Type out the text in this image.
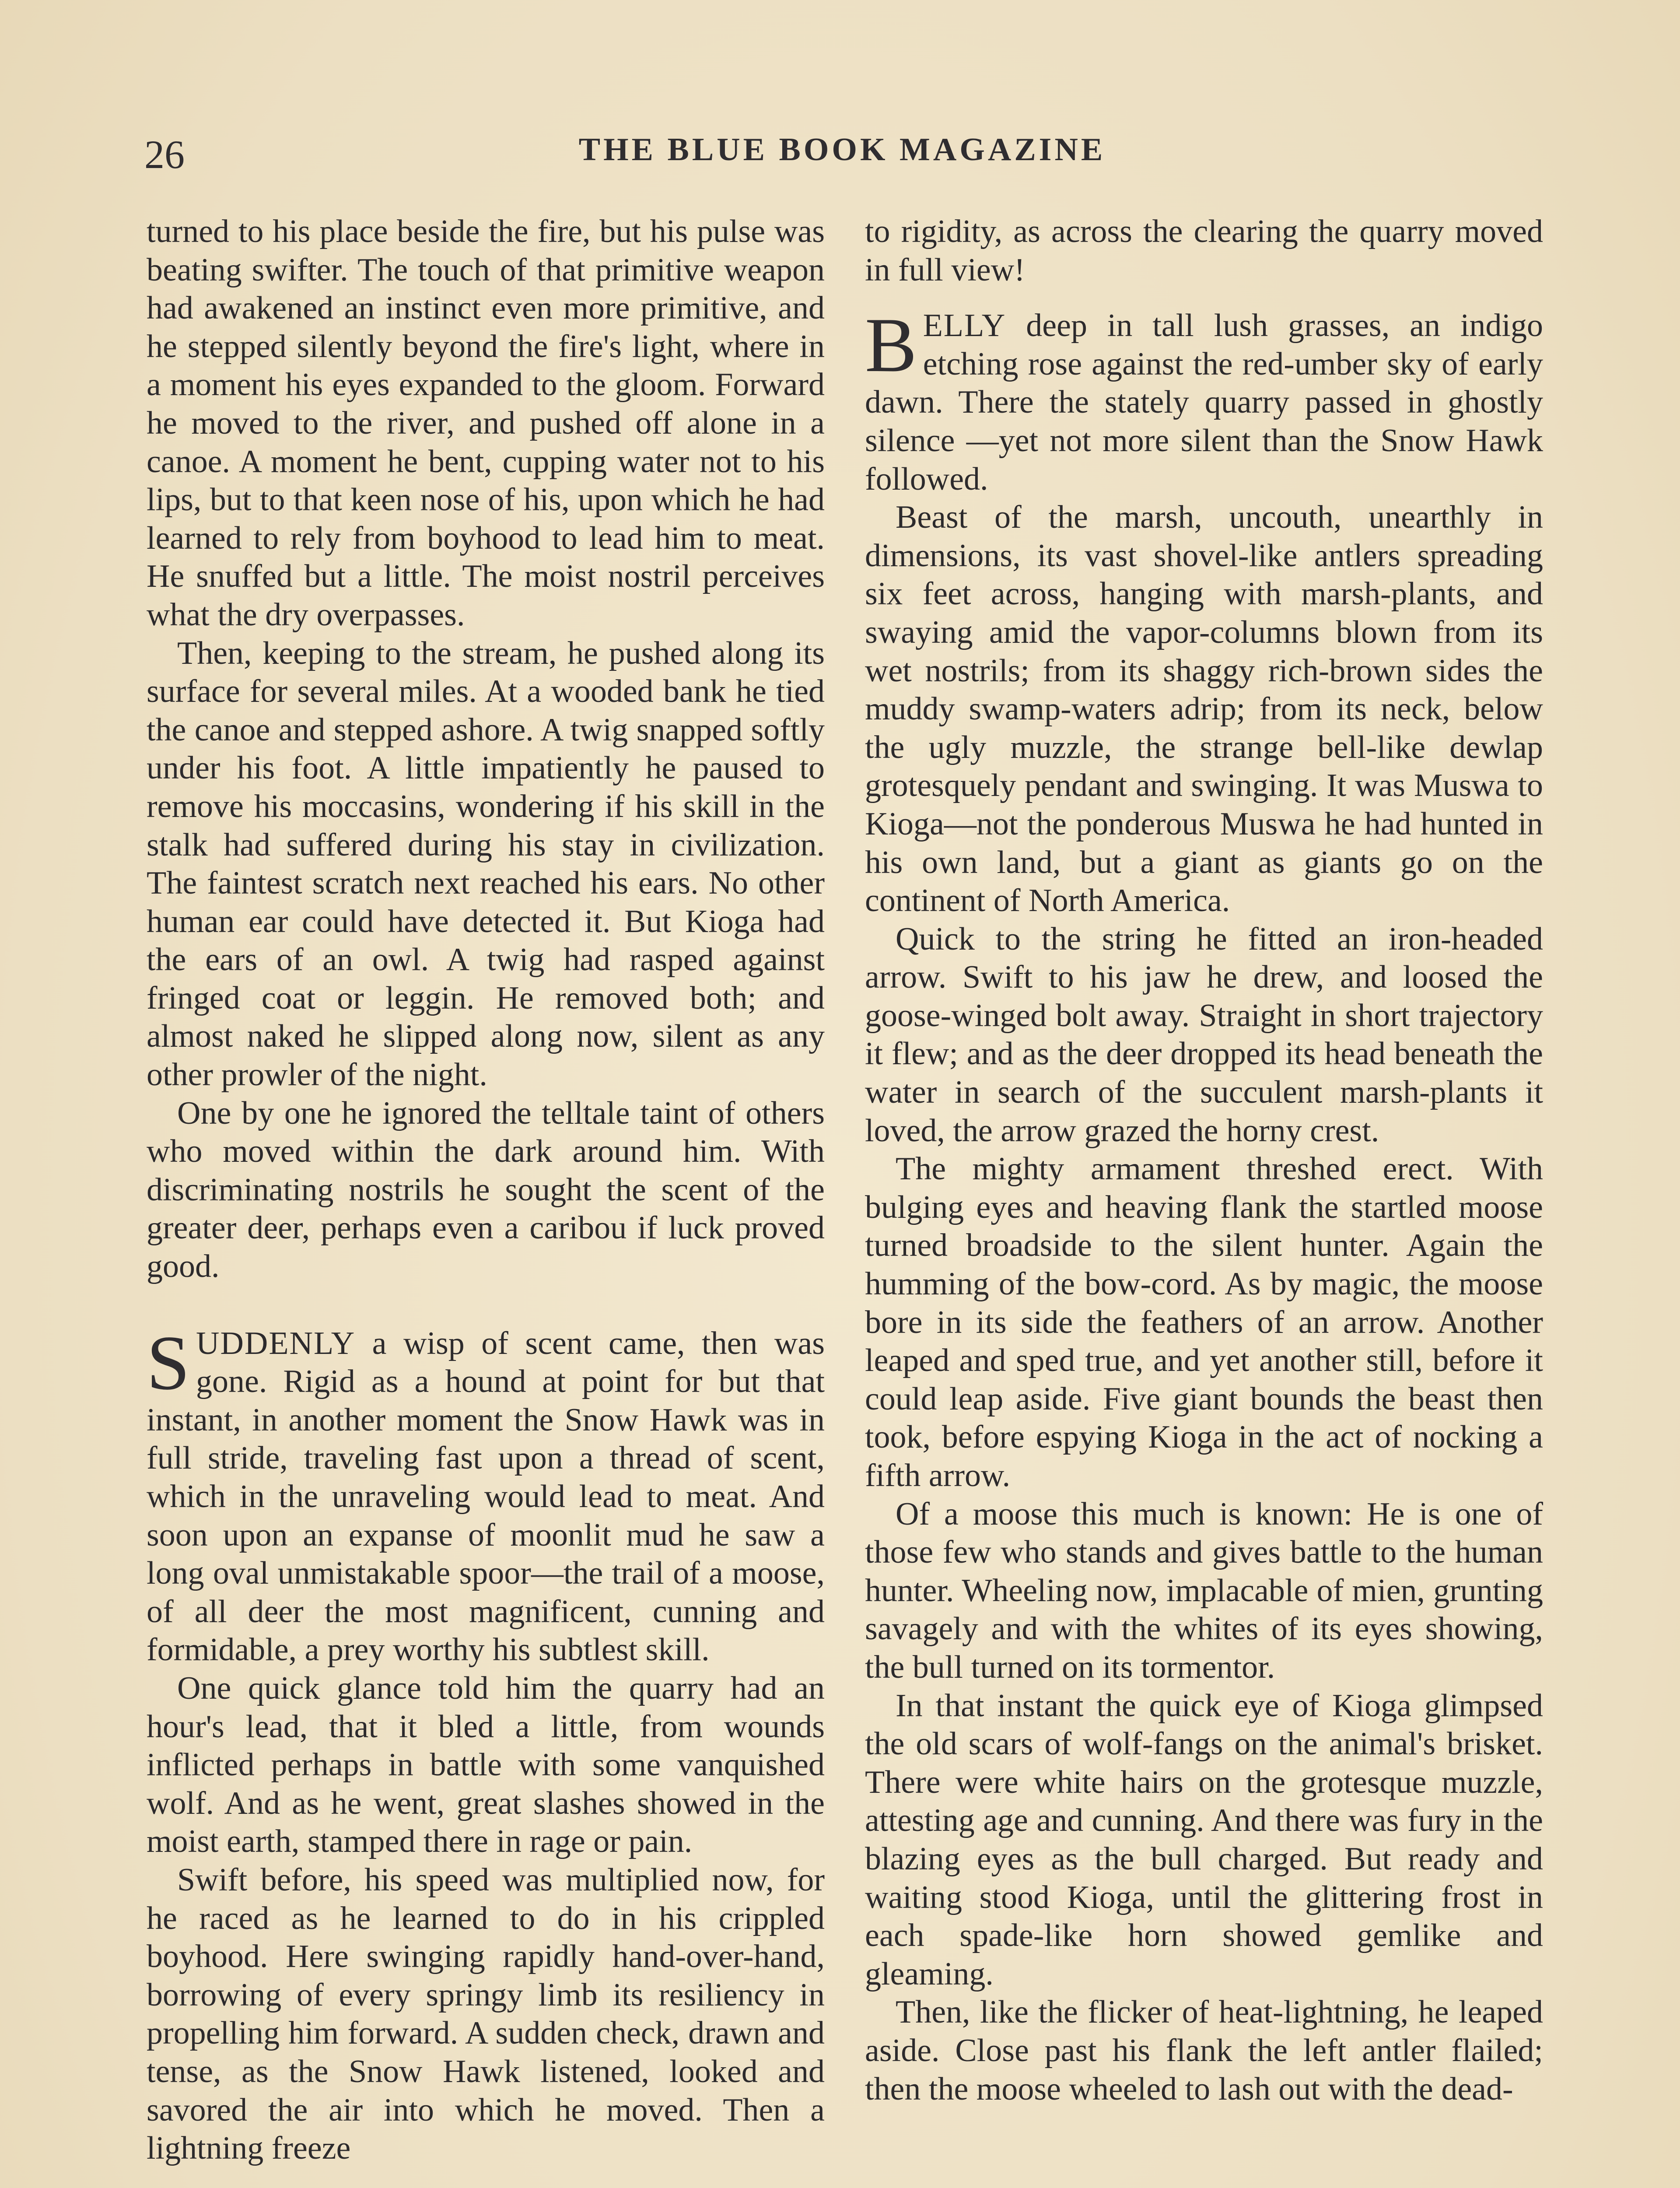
26	THE BLUE BOOK MAGAZINE

turned to his place beside the fire, but his pulse was beating swifter. The touch of that primitive weapon had awakened an instinct even more primitive, and he stepped silently beyond the fire's light, where in a moment his eyes expanded to the gloom. Forward he moved to the river, and pushed off alone in a canoe. A moment he bent, cupping water not to his lips, but to that keen nose of his, upon which he had learned to rely from boyhood to lead him to meat. He snuffed but a little. The moist nostril perceives what the dry overpasses.

Then, keeping to the stream, he pushed along its surface for several miles. At a wooded bank he tied the canoe and stepped ashore. A twig snapped softly under his foot. A little impatiently he paused to remove his moccasins, wondering if his skill in the stalk had suffered during his stay in civilization. The faintest scratch next reached his ears. No other human ear could have detected it. But Kioga had the ears of an owl. A twig had rasped against fringed coat or leggin. He removed both; and almost naked he slipped along now, silent as any other prowler of the night.

One by one he ignored the telltale taint of others who moved within the dark around him. With discriminating nostrils he sought the scent of the greater deer, perhaps even a caribou if luck proved good.

SUDDENLY a wisp of scent came, then was gone. Rigid as a hound at point for but that instant, in another moment the Snow Hawk was in full stride, traveling fast upon a thread of scent, which in the unraveling would lead to meat. And soon upon an expanse of moonlit mud he saw a long oval unmistakable spoor—the trail of a moose, of all deer the most magnificent, cunning and formidable, a prey worthy his subtlest skill.

One quick glance told him the quarry had an hour's lead, that it bled a little, from wounds inflicted perhaps in battle with some vanquished wolf. And as he went, great slashes showed in the moist earth, stamped there in rage or pain.

Swift before, his speed was multiplied now, for he raced as he learned to do in his crippled boyhood. Here swinging rapidly hand-over-hand, borrowing of every springy limb its resiliency in propelling him forward. A sudden check, drawn and tense, as the Snow Hawk listened, looked and savored the air into which he moved. Then a lightning freeze

to rigidity, as across the clearing the quarry moved in full view!

BELLY deep in tall lush grasses, an indigo etching rose against the red-umber sky of early dawn. There the stately quarry passed in ghostly silence —yet not more silent than the Snow Hawk followed.

Beast of the marsh, uncouth, unearthly in dimensions, its vast shovel-like antlers spreading six feet across, hanging with marsh-plants, and swaying amid the vapor-columns blown from its wet nostrils; from its shaggy rich-brown sides the muddy swamp-waters adrip; from its neck, below the ugly muzzle, the strange bell-like dewlap grotesquely pendant and swinging. It was Muswa to Kioga—not the ponderous Muswa he had hunted in his own land, but a giant as giants go on the continent of North America.

Quick to the string he fitted an iron-headed arrow. Swift to his jaw he drew, and loosed the goose-winged bolt away. Straight in short trajectory it flew; and as the deer dropped its head beneath the water in search of the succulent marsh-plants it loved, the arrow grazed the horny crest.

The mighty armament threshed erect. With bulging eyes and heaving flank the startled moose turned broadside to the silent hunter. Again the humming of the bow-cord. As by magic, the moose bore in its side the feathers of an arrow. Another leaped and sped true, and yet another still, before it could leap aside. Five giant bounds the beast then took, before espying Kioga in the act of nocking a fifth arrow.

Of a moose this much is known: He is one of those few who stands and gives battle to the human hunter. Wheeling now, implacable of mien, grunting savagely and with the whites of its eyes showing, the bull turned on its tormentor.

In that instant the quick eye of Kioga glimpsed the old scars of wolf-fangs on the animal's brisket. There were white hairs on the grotesque muzzle, attesting age and cunning. And there was fury in the blazing eyes as the bull charged. But ready and waiting stood Kioga, until the glittering frost in each spade-like horn showed gemlike and gleaming.

Then, like the flicker of heat-lightning, he leaped aside. Close past his flank the left antler flailed; then the moose wheeled to lash out with the dead-
